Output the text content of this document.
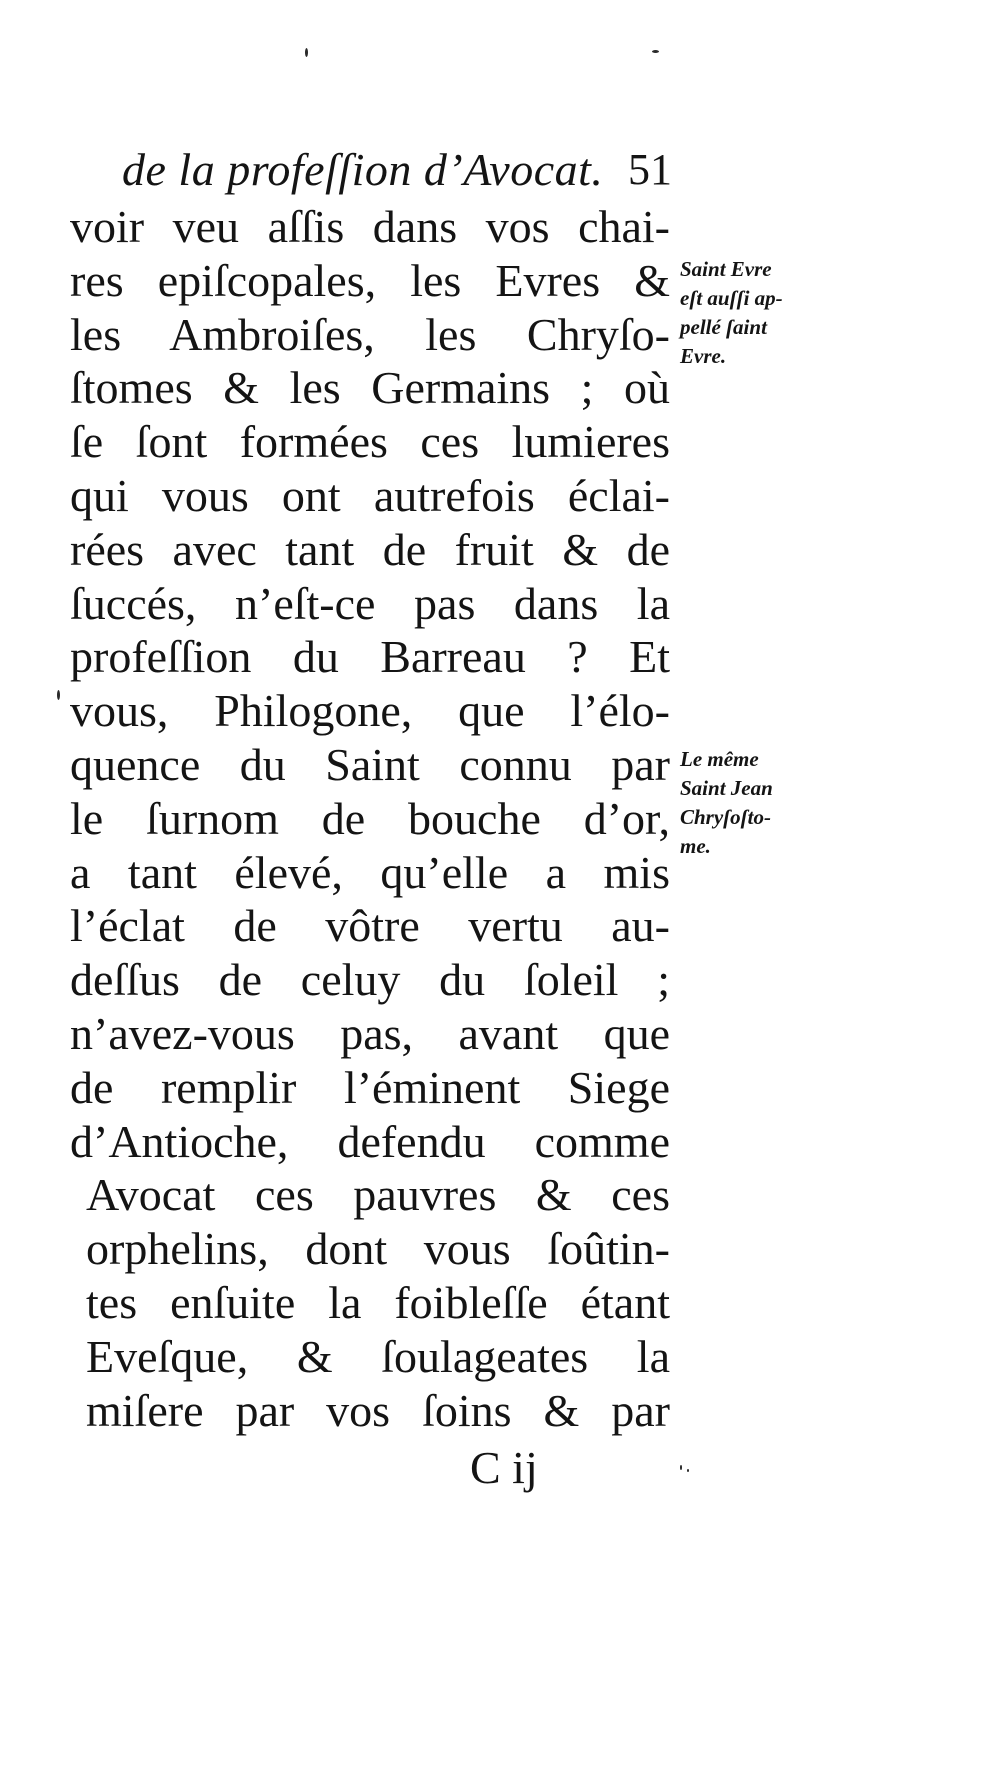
de la profeſſion d’Avocat. 51
voir veu aſſis dans vos chai-
res epiſcopales, les Evres &
les Ambroiſes, les Chryſo-
ſtomes & les Germains ; où
ſe ſont formées ces lumieres
qui vous ont autrefois éclai-
rées avec tant de fruit & de
ſuccés, n’eſt-ce pas dans la
profeſſion du Barreau ? Et
vous, Philogone, que l’élo-
quence du Saint connu par
le ſurnom de bouche d’or,
a tant élevé, qu’elle a mis
l’éclat de vôtre vertu au-
deſſus de celuy du ſoleil ;
n’avez-vous pas, avant que
de remplir l’éminent Siege
d’Antioche, defendu comme
Avocat ces pauvres & ces
orphelins, dont vous ſoûtin-
tes enſuite la foibleſſe étant
Eveſque, & ſoulageates la
miſere par vos ſoins & par
Saint Evre
eſt auſſi ap-
pellé ſaint
Evre.
Le même
Saint Jean
Chryſoſto-
me.
C ij
